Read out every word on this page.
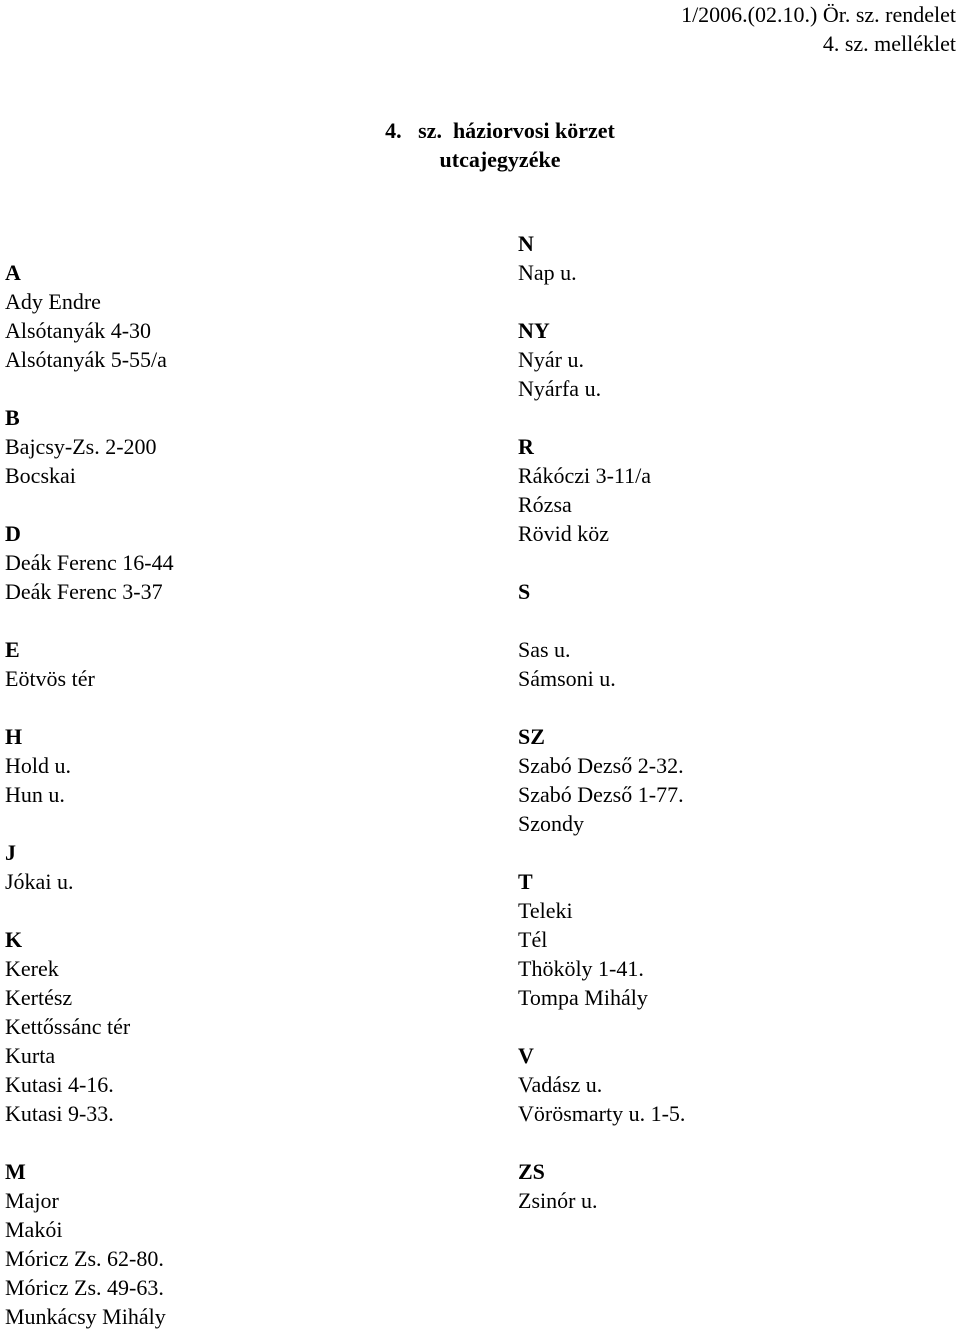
1/2006.(02.10.) Ör. sz. rendelet
4. sz. melléklet
4.   sz.  háziorvosi körzet
utcajegyzéke
A
Ady Endre
Alsótanyák 4-30
Alsótanyák 5-55/a
B
Bajcsy-Zs. 2-200
Bocskai
D
Deák Ferenc 16-44
Deák Ferenc 3-37
E
Eötvös tér
H
Hold u.
Hun u.
J
Jókai u.
K
Kerek
Kertész
Kettőssánc tér
Kurta
Kutasi 4-16.
Kutasi 9-33.
M
Major
Makói
Móricz Zs. 62-80.
Móricz Zs. 49-63.
Munkácsy Mihály
N
Nap u.
NY
Nyár u.
Nyárfa u.
R
Rákóczi 3-11/a
Rózsa
Rövid köz
S
Sas u.
Sámsoni u.
SZ
Szabó Dezső 2-32.
Szabó Dezső 1-77.
Szondy
T
Teleki
Tél
Thököly 1-41.
Tompa Mihály
V
Vadász u.
Vörösmarty u. 1-5.
ZS
Zsinór u.
